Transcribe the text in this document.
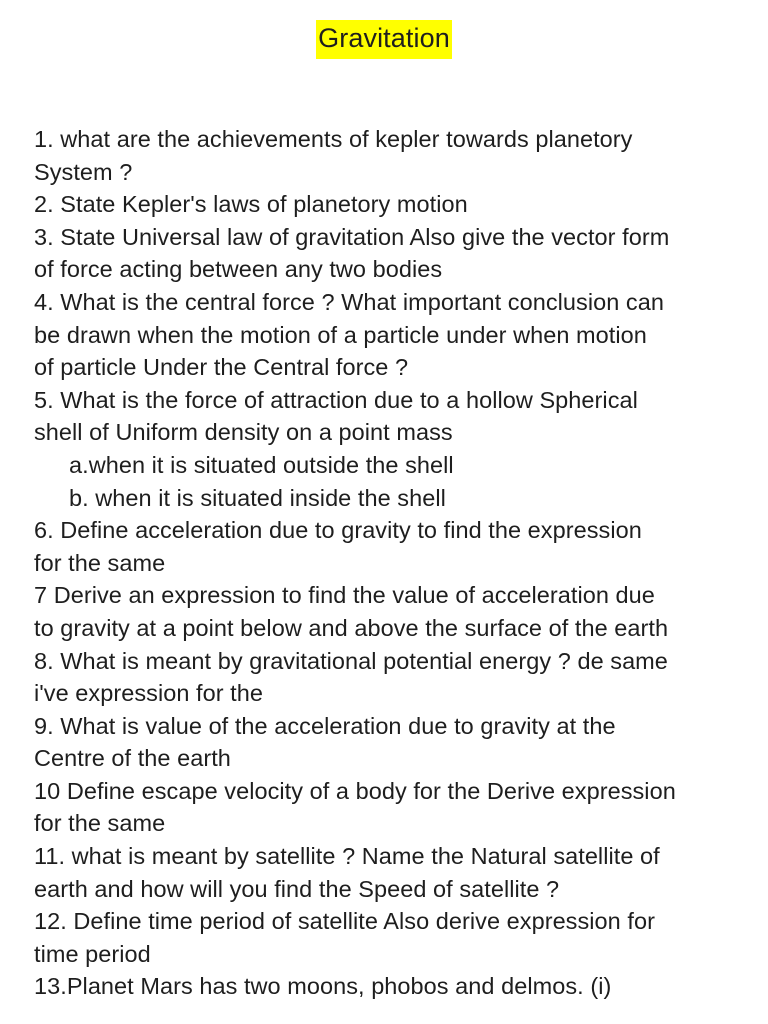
Gravitation
1. what are the achievements of kepler towards planetory
System ?
2. State Kepler's laws of planetory motion
3. State Universal law of gravitation Also give the vector form
of force acting between any two bodies
4. What is the central force ? What important conclusion can
be drawn when the motion of a particle under when motion
of particle Under the Central force ?
5. What is the force of attraction due to a hollow Spherical
shell of Uniform density on a point mass
a.when it is situated outside the shell
b. when it is situated inside the shell
6. Define acceleration due to gravity to find the expression
for the same
7 Derive an expression to find the value of acceleration due
to gravity at a point below and above the surface of the earth
8. What is meant by gravitational potential energy ? de same
i've expression for the
9. What is value of the acceleration due to gravity at the
Centre of the earth
10 Define escape velocity of a body for the Derive expression
for the same
11. what is meant by satellite ? Name the Natural satellite of
earth and how will you find the Speed of satellite ?
12. Define time period of satellite Also derive expression for
time period
13.Planet Mars has two moons, phobos and delmos. (i)
